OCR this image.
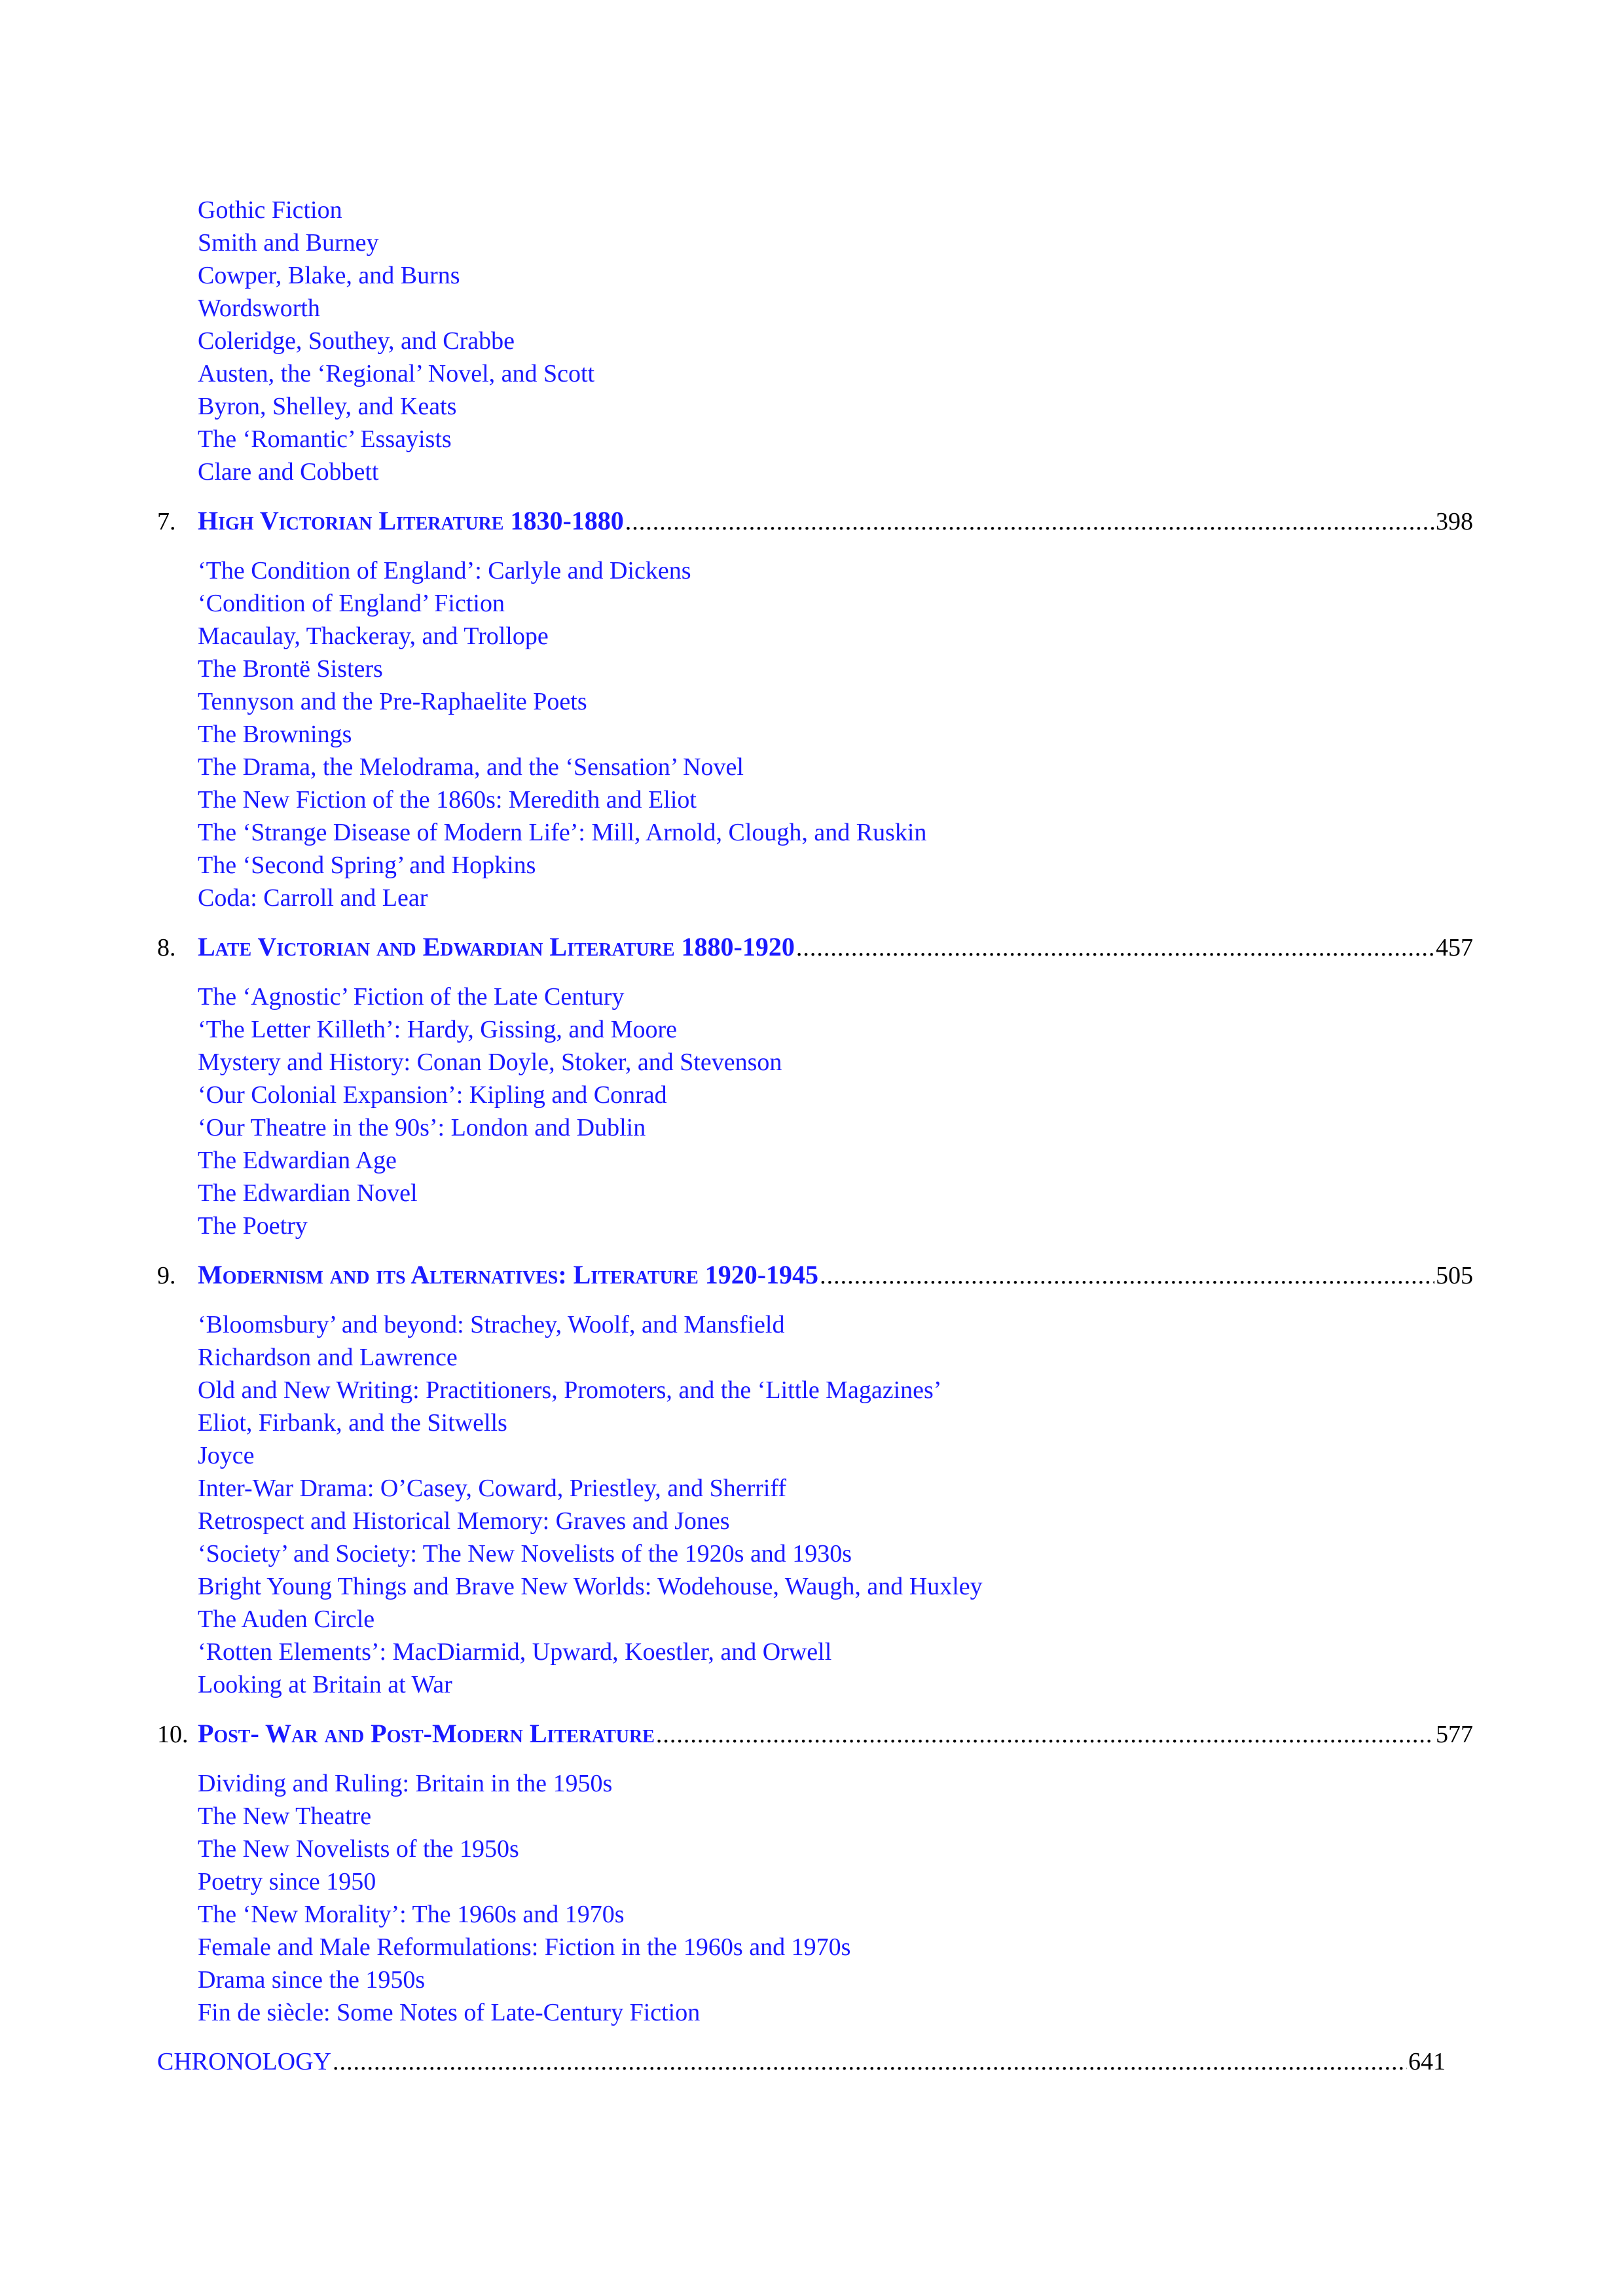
Gothic Fiction
Smith and Burney
Cowper, Blake, and Burns
Wordsworth
Coleridge, Southey, and Crabbe
Austen, the ‘Regional’ Novel, and Scott
Byron, Shelley, and Keats
The ‘Romantic’ Essayists
Clare and Cobbett
7. High Victorian Literature 1830-1880 .....	398
‘The Condition of England’: Carlyle and Dickens
‘Condition of England’ Fiction
Macaulay, Thackeray, and Trollope
The Brontë Sisters
Tennyson and the Pre-Raphaelite Poets
The Brownings
The Drama, the Melodrama, and the ‘Sensation’ Novel
The New Fiction of the 1860s: Meredith and Eliot
The ‘Strange Disease of Modern Life’: Mill, Arnold, Clough, and Ruskin
The ‘Second Spring’ and Hopkins
Coda: Carroll and Lear
8. Late Victorian and Edwardian Literature 1880-1920 .....	457
The ‘Agnostic’ Fiction of the Late Century
‘The Letter Killeth’: Hardy, Gissing, and Moore
Mystery and History: Conan Doyle, Stoker, and Stevenson
‘Our Colonial Expansion’: Kipling and Conrad
‘Our Theatre in the 90s’: London and Dublin
The Edwardian Age
The Edwardian Novel
The Poetry
9. Modernism and its Alternatives: Literature 1920-1945 .....	505
‘Bloomsbury’ and beyond: Strachey, Woolf, and Mansfield
Richardson and Lawrence
Old and New Writing: Practitioners, Promoters, and the ‘Little Magazines’
Eliot, Firbank, and the Sitwells
Joyce
Inter-War Drama: O’Casey, Coward, Priestley, and Sherriff
Retrospect and Historical Memory: Graves and Jones
‘Society’ and Society: The New Novelists of the 1920s and 1930s
Bright Young Things and Brave New Worlds: Wodehouse, Waugh, and Huxley
The Auden Circle
‘Rotten Elements’: MacDiarmid, Upward, Koestler, and Orwell
Looking at Britain at War
10. Post- War and Post-Modern Literature .....	577
Dividing and Ruling: Britain in the 1950s
The New Theatre
The New Novelists of the 1950s
Poetry since 1950
The ‘New Morality’: The 1960s and 1970s
Female and Male Reformulations: Fiction in the 1960s and 1970s
Drama since the 1950s
Fin de siècle: Some Notes of Late-Century Fiction
CHRONOLOGY .....	641
